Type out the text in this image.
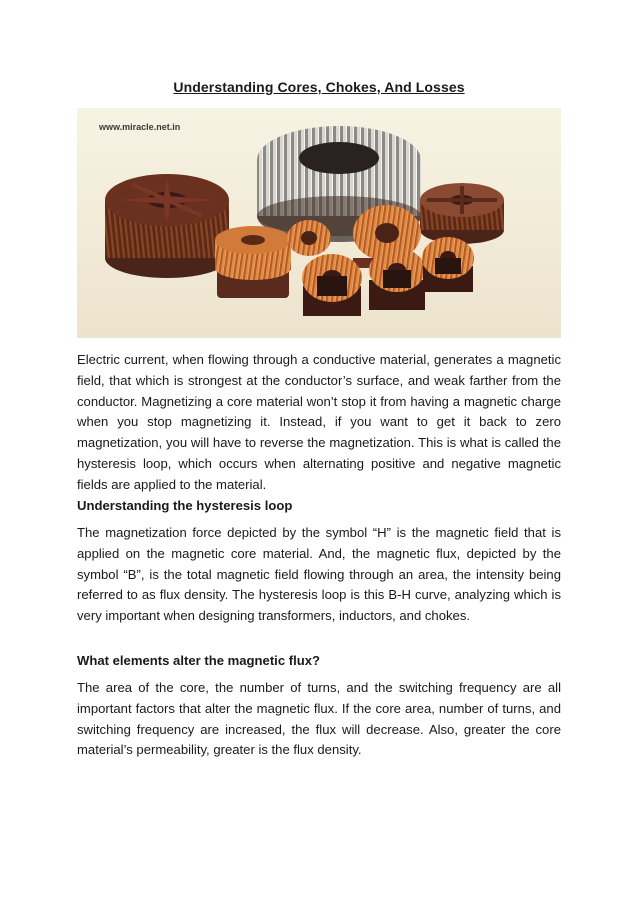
Understanding Cores, Chokes, And Losses
www.miracle.net.in

Electric current, when flowing through a conductive material, generates a magnetic field, that which is strongest at the conductor’s surface, and weak farther from the conductor. Magnetizing a core material won’t stop it from having a magnetic charge when you stop magnetizing it. Instead, if you want to get it back to zero magnetization, you will have to reverse the magnetization. This is what is called the hysteresis loop, which occurs when alternating positive and negative magnetic fields are applied to the material.

Understanding the hysteresis loop

The magnetization force depicted by the symbol “H” is the magnetic field that is applied on the magnetic core material. And, the magnetic flux, depicted by the symbol “B”, is the total magnetic field flowing through an area, the intensity being referred to as flux density. The hysteresis loop is this B-H curve, analyzing which is very important when designing transformers, inductors, and chokes.

What elements alter the magnetic flux?

The area of the core, the number of turns, and the switching frequency are all important factors that alter the magnetic flux. If the core area, number of turns, and switching frequency are increased, the flux will decrease. Also, greater the core material’s permeability, greater is the flux density.
